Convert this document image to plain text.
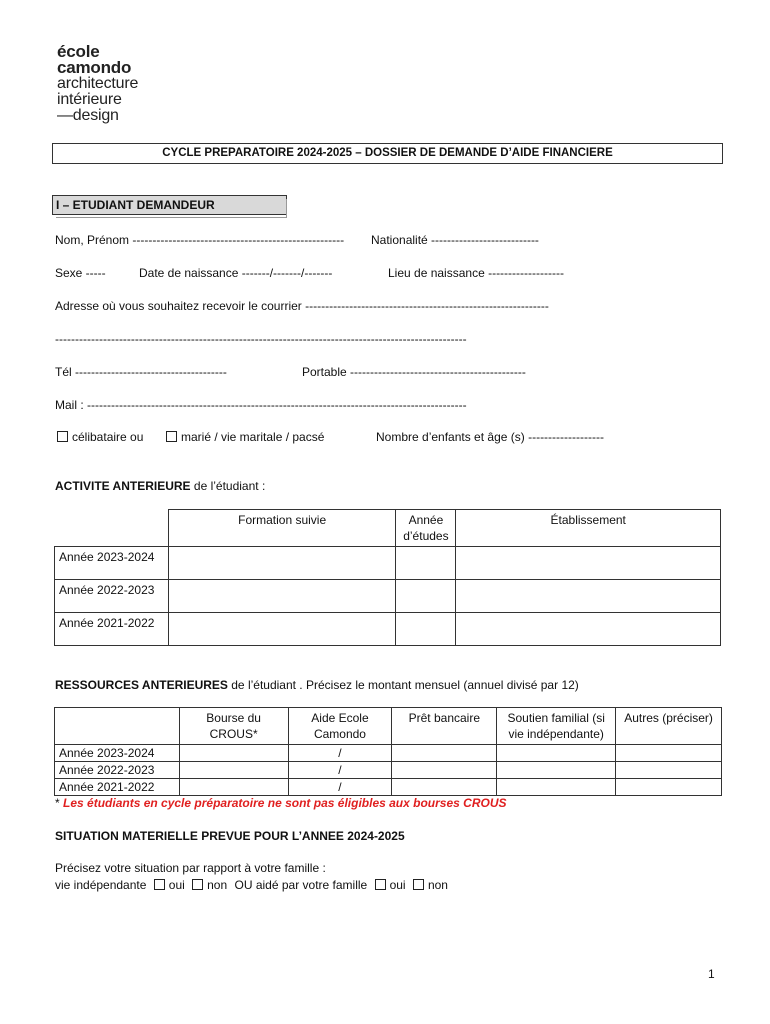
école
camondo
architecture
intérieure
—design
CYCLE PREPARATOIRE 2024-2025 – DOSSIER DE DEMANDE D’AIDE FINANCIERE
I – ETUDIANT DEMANDEUR
Nom, Prénom ----------------------------------------------------- Nationalité ---------------------------
Sexe -----	Date de naissance -------/-------/-------	Lieu de naissance -------------------
Adresse où vous souhaitez recevoir le courrier -------------------------------------------------------------
-------------------------------------------------------------------------------------------------------
Tél --------------------------------------	Portable --------------------------------------------
Mail : -----------------------------------------------------------------------------------------------
célibataire ou	marié / vie maritale / pacsé	Nombre d’enfants et âge (s) -------------------
ACTIVITE ANTERIEURE de l’étudiant :
	Formation suivie	Année d’études	Établissement
Année 2023-2024			
Année 2022-2023			
Année 2021-2022			
RESSOURCES ANTERIEURES de l’étudiant . Précisez le montant mensuel (annuel divisé par 12)
	Bourse du CROUS*	Aide Ecole Camondo	Prêt bancaire	Soutien familial (si vie indépendante)	Autres (préciser)
Année 2023-2024		/			
Année 2022-2023		/			
Année 2021-2022		/			
* Les étudiants en cycle préparatoire ne sont pas éligibles aux bourses CROUS
SITUATION MATERIELLE PREVUE POUR L’ANNEE 2024-2025
Précisez votre situation par rapport à votre famille :
vie indépendante oui non OU aidé par votre famille oui non
1
